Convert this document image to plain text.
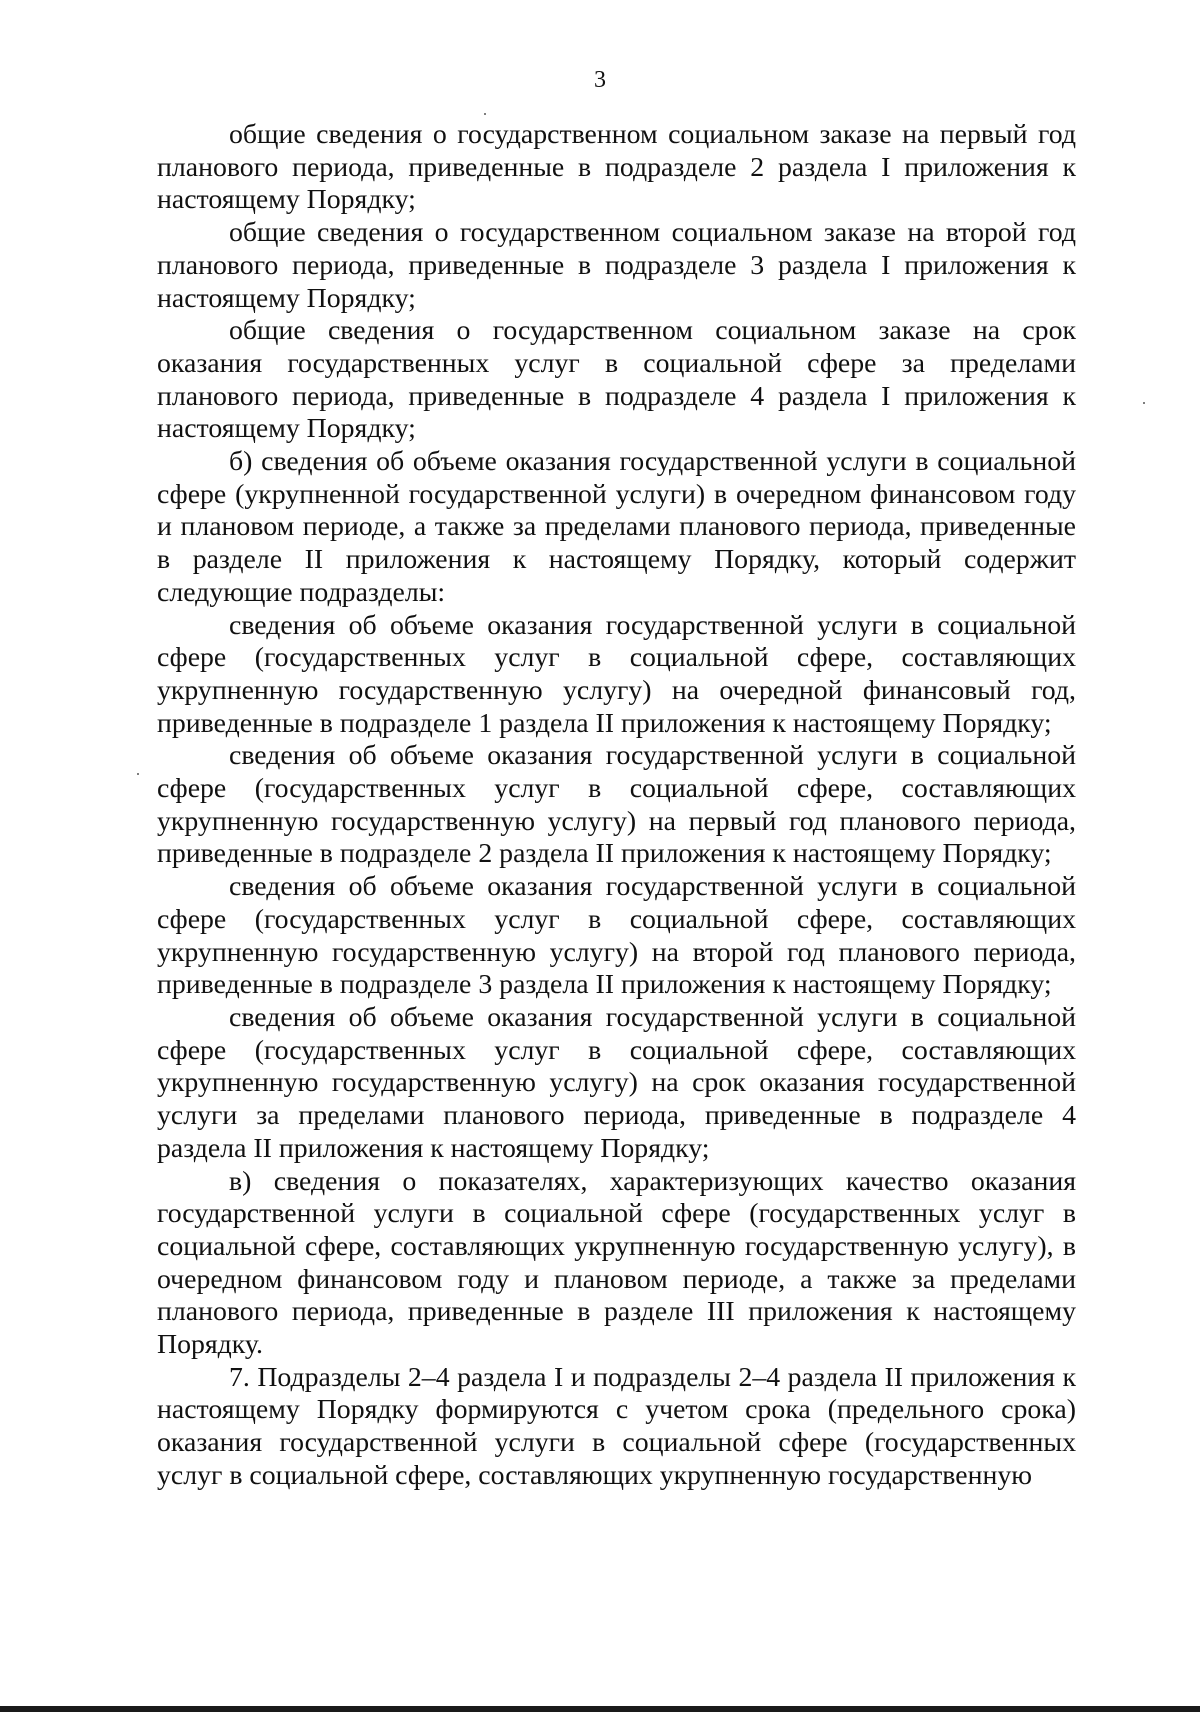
3

общие сведения о государственном социальном заказе на первый год планового периода, приведенные в подразделе 2 раздела I приложения к настоящему Порядку;

общие сведения о государственном социальном заказе на второй год планового периода, приведенные в подразделе 3 раздела I приложения к настоящему Порядку;

общие сведения о государственном социальном заказе на срок оказания государственных услуг в социальной сфере за пределами планового периода, приведенные в подразделе 4 раздела I приложения к настоящему Порядку;

б) сведения об объеме оказания государственной услуги в социальной сфере (укрупненной государственной услуги) в очередном финансовом году и плановом периоде, а также за пределами планового периода, приведенные в разделе II приложения к настоящему Порядку, который содержит следующие подразделы:

сведения об объеме оказания государственной услуги в социальной сфере (государственных услуг в социальной сфере, составляющих укрупненную государственную услугу) на очередной финансовый год, приведенные в подразделе 1 раздела II приложения к настоящему Порядку;

сведения об объеме оказания государственной услуги в социальной сфере (государственных услуг в социальной сфере, составляющих укрупненную государственную услугу) на первый год планового периода, приведенные в подразделе 2 раздела II приложения к настоящему Порядку;

сведения об объеме оказания государственной услуги в социальной сфере (государственных услуг в социальной сфере, составляющих укрупненную государственную услугу) на второй год планового периода, приведенные в подразделе 3 раздела II приложения к настоящему Порядку;

сведения об объеме оказания государственной услуги в социальной сфере (государственных услуг в социальной сфере, составляющих укрупненную государственную услугу) на срок оказания государственной услуги за пределами планового периода, приведенные в подразделе 4 раздела II приложения к настоящему Порядку;

в) сведения о показателях, характеризующих качество оказания государственной услуги в социальной сфере (государственных услуг в социальной сфере, составляющих укрупненную государственную услугу), в очередном финансовом году и плановом периоде, а также за пределами планового периода, приведенные в разделе III приложения к настоящему Порядку.

7. Подразделы 2–4 раздела I и подразделы 2–4 раздела II приложения к настоящему Порядку формируются с учетом срока (предельного срока) оказания государственной услуги в социальной сфере (государственных услуг в социальной сфере, составляющих укрупненную государственную
